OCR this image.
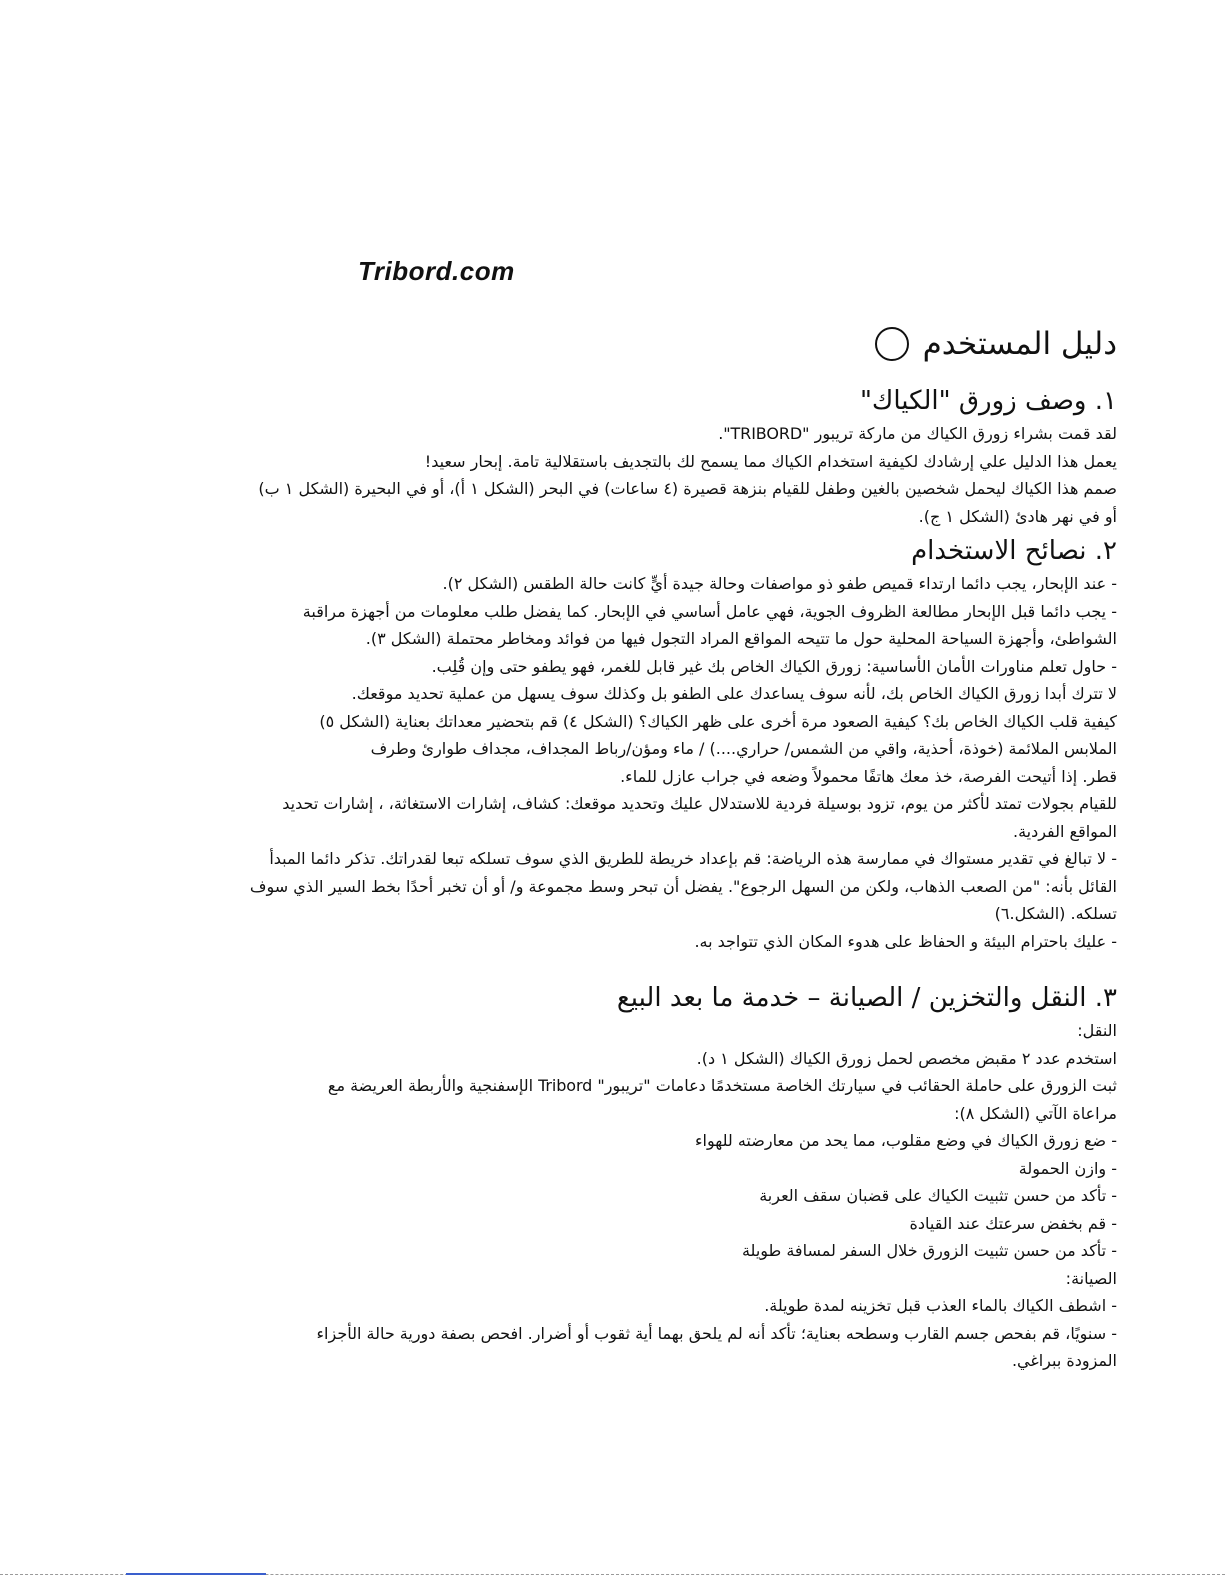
Tribord.com
دليل المستخدم
١. وصف زورق "الكياك"
لقد قمت بشراء زورق الكياك من ماركة تريبور "TRIBORD".
يعمل هذا الدليل علي إرشادك لكيفية استخدام الكياك مما يسمح لك بالتجديف باستقلالية تامة. إبحار سعيد!
صمم هذا الكياك ليحمل شخصين بالغين وطفل للقيام بنزهة قصيرة (٤ ساعات) في البحر (الشكل ١ أ)، أو في البحيرة (الشكل ١ ب)
أو في نهر هادئ (الشكل ١ ج).
٢. نصائح الاستخدام
- عند الإبحار، يجب دائما ارتداء قميص طفو ذو مواصفات وحالة جيدة أيٍّ كانت حالة الطقس (الشكل ٢).
- يجب دائما قبل الإبحار مطالعة الظروف الجوية، فهي عامل أساسي في الإبحار. كما يفضل طلب معلومات من أجهزة مراقبة
الشواطئ، وأجهزة السياحة المحلية حول ما تتيحه المواقع المراد التجول فيها من فوائد ومخاطر محتملة (الشكل ٣).
- حاول تعلم مناورات الأمان الأساسية: زورق الكياك الخاص بك غير قابل للغمر، فهو يطفو حتى وإن قُلِب.
لا تترك أبدا زورق الكياك الخاص بك، لأنه سوف يساعدك على الطفو بل وكذلك سوف يسهل من عملية تحديد موقعك.
كيفية قلب الكياك الخاص بك؟ كيفية الصعود مرة أخرى على ظهر الكياك؟ (الشكل ٤) قم بتحضير معداتك بعناية (الشكل ٥)
الملابس الملائمة (خوذة، أحذية، واقي من الشمس/ حراري....) / ماء ومؤن/رباط المجداف، مجداف طوارئ وطرف
قطر. إذا أتيحت الفرصة، خذ معك هاتفًا محمولاً وضعه في جراب عازل للماء.
للقيام بجولات تمتد لأكثر من يوم، تزود بوسيلة فردية للاستدلال عليك وتحديد موقعك: كشاف، إشارات الاستغاثة، ، إشارات تحديد
المواقع الفردية.
- لا تبالغ في تقدير مستواك في ممارسة هذه الرياضة: قم بإعداد خريطة للطريق الذي سوف تسلكه تبعا لقدراتك. تذكر دائما المبدأ
القائل بأنه: "من الصعب الذهاب، ولكن من السهل الرجوع". يفضل أن تبحر وسط مجموعة و/ أو أن تخبر أحدًا بخط السير الذي سوف
تسلكه. (الشكل.٦)
- عليك باحترام البيئة و الحفاظ على هدوء المكان الذي تتواجد به.
٣. النقل والتخزين / الصيانة – خدمة ما بعد البيع
النقل:
استخدم عدد ٢ مقبض مخصص لحمل زورق الكياك (الشكل ١ د).
ثبت الزورق على حاملة الحقائب في سيارتك الخاصة مستخدمًا دعامات "تريبور" Tribord الإسفنجية والأربطة العريضة مع
مراعاة الآتي (الشكل ٨):
- ضع زورق الكياك في وضع مقلوب، مما يحد من معارضته للهواء
- وازن الحمولة
- تأكد من حسن تثبيت الكياك على قضبان سقف العربة
- قم بخفض سرعتك عند القيادة
- تأكد من حسن تثبيت الزورق خلال السفر لمسافة طويلة
الصيانة:
- اشطف الكياك بالماء العذب قبل تخزينه لمدة طويلة.
- سنويًا، قم بفحص جسم القارب وسطحه بعناية؛ تأكد أنه لم يلحق بهما أية ثقوب أو أضرار. افحص بصفة دورية حالة الأجزاء
المزودة ببراغي.
